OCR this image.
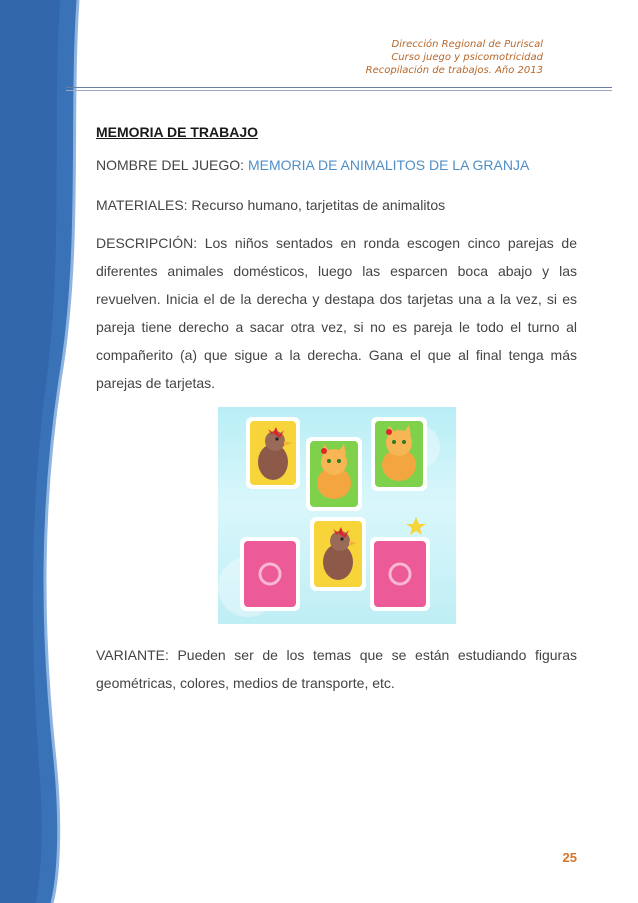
Dirección Regional de Puriscal
Curso juego y psicomotricidad
Recopilación de trabajos. Año 2013
MEMORIA DE TRABAJO
NOMBRE DEL JUEGO: MEMORIA DE ANIMALITOS DE LA GRANJA
MATERIALES: Recurso humano, tarjetitas de animalitos
DESCRIPCIÓN: Los niños sentados en ronda escogen cinco parejas de diferentes animales domésticos, luego las esparcen boca abajo y las revuelven. Inicia el de la derecha y destapa dos tarjetas una a la vez, si es pareja tiene derecho a sacar otra vez, si no es pareja le todo el turno al compañerito (a) que sigue a la derecha. Gana el que al final tenga más parejas de tarjetas.
VARIANTE: Pueden ser de los temas que se están estudiando figuras geométricas, colores, medios de transporte, etc.
25
